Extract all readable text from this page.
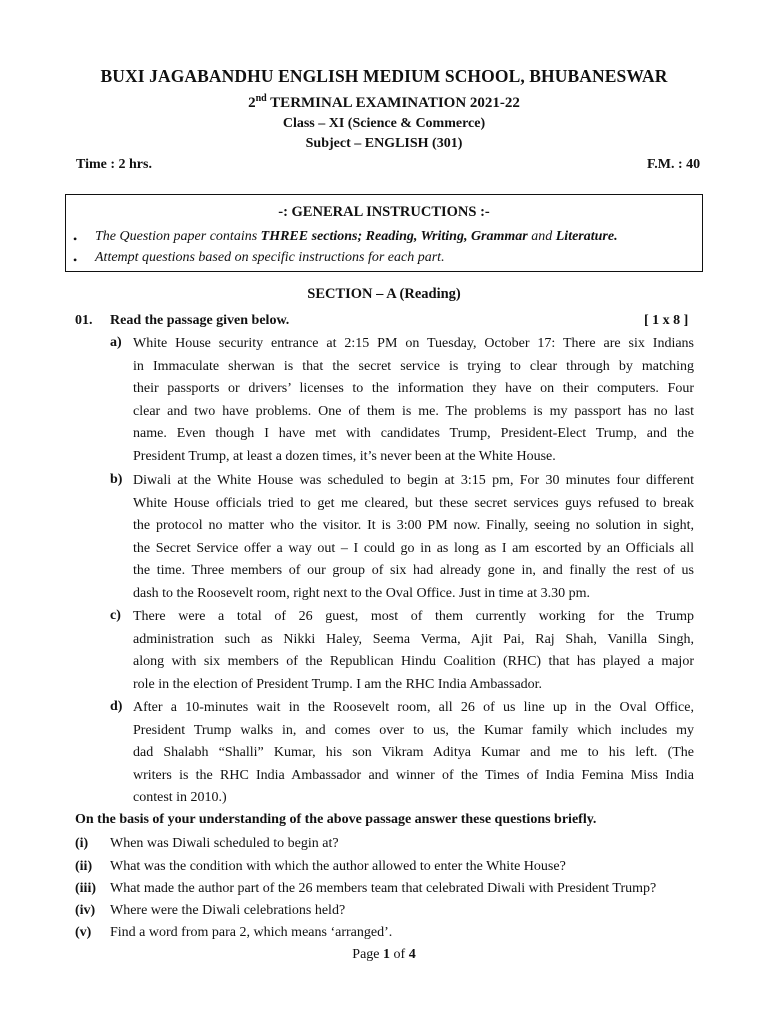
BUXI JAGABANDHU ENGLISH MEDIUM SCHOOL, BHUBANESWAR
2nd TERMINAL EXAMINATION 2021-22
Class – XI (Science & Commerce)
Subject – ENGLISH (301)
Time : 2 hrs.	F.M. : 40
-: GENERAL INSTRUCTIONS :-
• The Question paper contains THREE sections; Reading, Writing, Grammar and Literature.
• Attempt questions based on specific instructions for each part.
SECTION – A (Reading)
01. Read the passage given below.	[ 1 x 8 ]
a) White House security entrance at 2:15 PM on Tuesday, October 17: There are six Indians
in Immaculate sherwan is that the secret service is trying to clear through by matching
their passports or drivers’ licenses to the information they have on their computers. Four
clear and two have problems. One of them is me. The problems is my passport has no last
name. Even though I have met with candidates Trump, President-Elect Trump, and the
President Trump, at least a dozen times, it’s never been at the White House.
b) Diwali at the White House was scheduled to begin at 3:15 pm, For 30 minutes four different
White House officials tried to get me cleared, but these secret services guys refused to break
the protocol no matter who the visitor. It is 3:00 PM now. Finally, seeing no solution in sight,
the Secret Service offer a way out – I could go in as long as I am escorted by an Officials all
the time. Three members of our group of six had already gone in, and finally the rest of us
dash to the Roosevelt room, right next to the Oval Office. Just in time at 3.30 pm.
c) There were a total of 26 guest, most of them currently working for the Trump
administration such as Nikki Haley, Seema Verma, Ajit Pai, Raj Shah, Vanilla Singh,
along with six members of the Republican Hindu Coalition (RHC) that has played a major
role in the election of President Trump. I am the RHC India Ambassador.
d) After a 10-minutes wait in the Roosevelt room, all 26 of us line up in the Oval Office,
President Trump walks in, and comes over to us, the Kumar family which includes my
dad Shalabh “Shalli” Kumar, his son Vikram Aditya Kumar and me to his left. (The
writers is the RHC India Ambassador and winner of the Times of India Femina Miss India
contest in 2010.)
On the basis of your understanding of the above passage answer these questions briefly.
(i) When was Diwali scheduled to begin at?
(ii) What was the condition with which the author allowed to enter the White House?
(iii) What made the author part of the 26 members team that celebrated Diwali with President Trump?
(iv) Where were the Diwali celebrations held?
(v) Find a word from para 2, which means ‘arranged’.
Page 1 of 4
